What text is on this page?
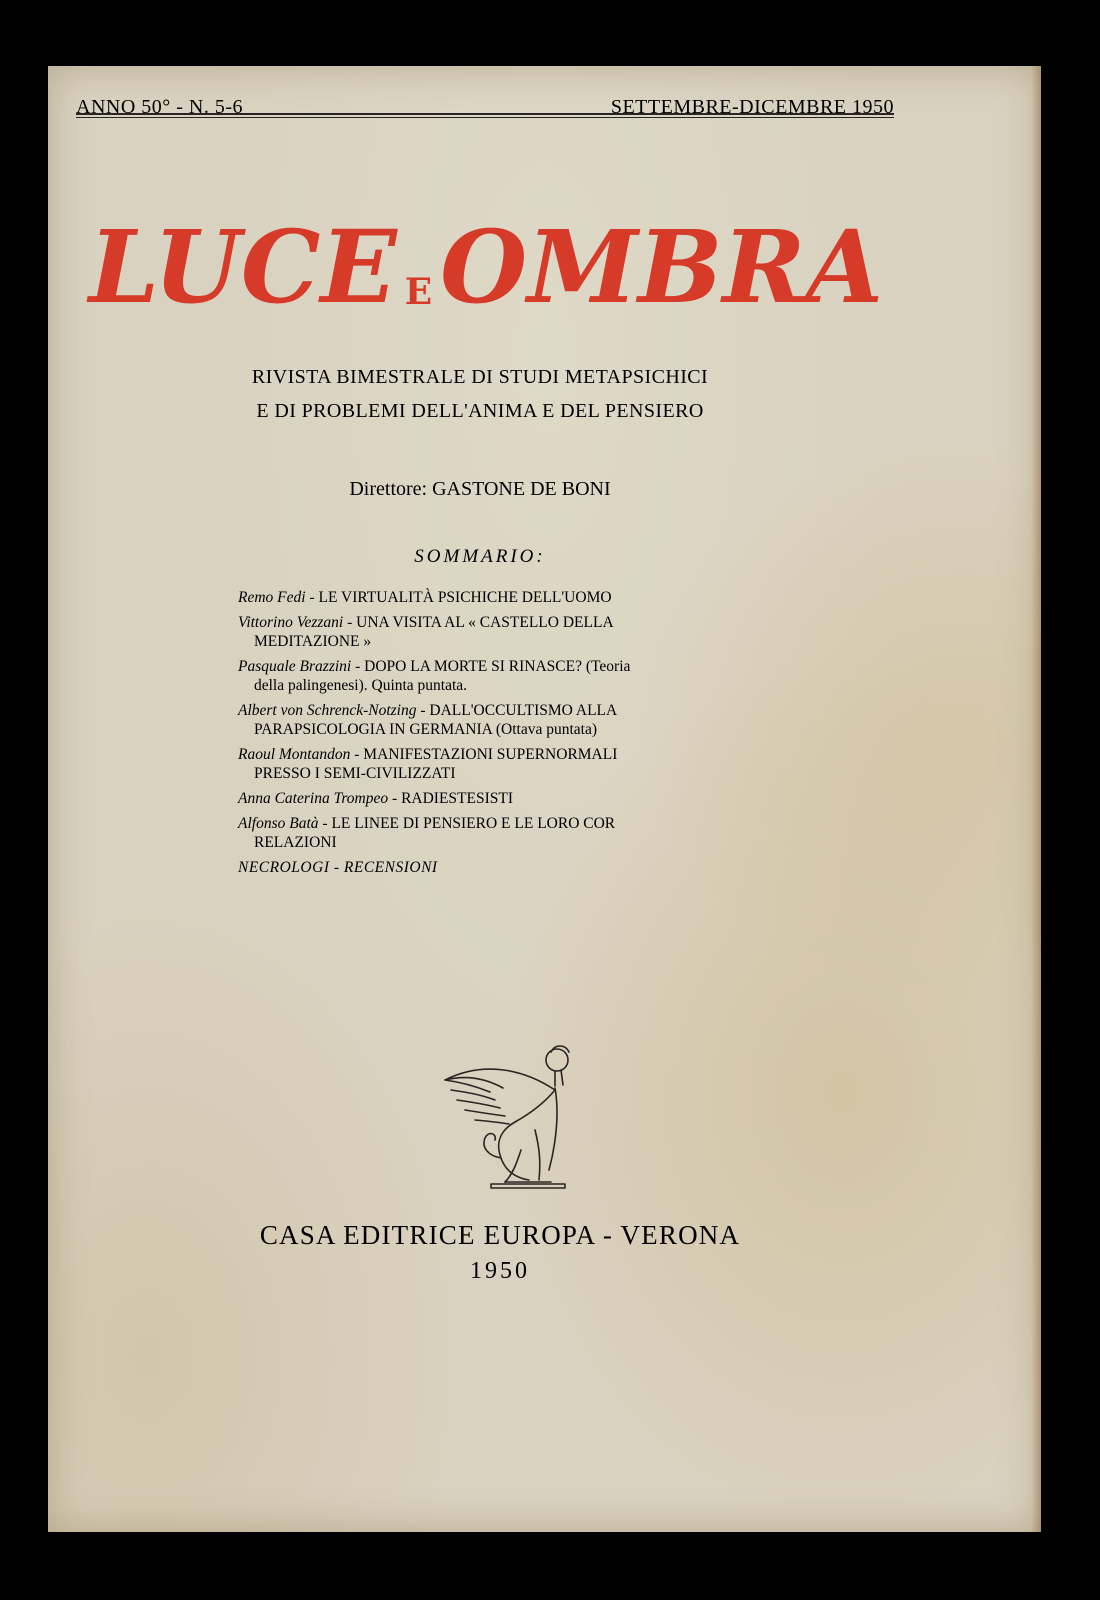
ANNO 50° - N. 5-6	SETTEMBRE-DICEMBRE 1950
LUCE EOMBRA
RIVISTA BIMESTRALE DI STUDI METAPSICHICI
E DI PROBLEMI DELL'ANIMA E DEL PENSIERO
Direttore: GASTONE DE BONI
SOMMARIO:
Remo Fedi - LE VIRTUALITÀ PSICHICHE DELL'UOMO
Vittorino Vezzani - UNA VISITA AL « CASTELLO DELLA
MEDITAZIONE »
Pasquale Brazzini - DOPO LA MORTE SI RINASCE? (Teoria
della palingenesi). Quinta puntata.
Albert von Schrenck-Notzing - DALL'OCCULTISMO ALLA
PARAPSICOLOGIA IN GERMANIA (Ottava puntata)
Raoul Montandon - MANIFESTAZIONI SUPERNORMALI
PRESSO I SEMI-CIVILIZZATI
Anna Caterina Trompeo - RADIESTESISTI
Alfonso Batà - LE LINEE DI PENSIERO E LE LORO COR
RELAZIONI
NECROLOGI - RECENSIONI
CASA EDITRICE EUROPA - VERONA
1950
